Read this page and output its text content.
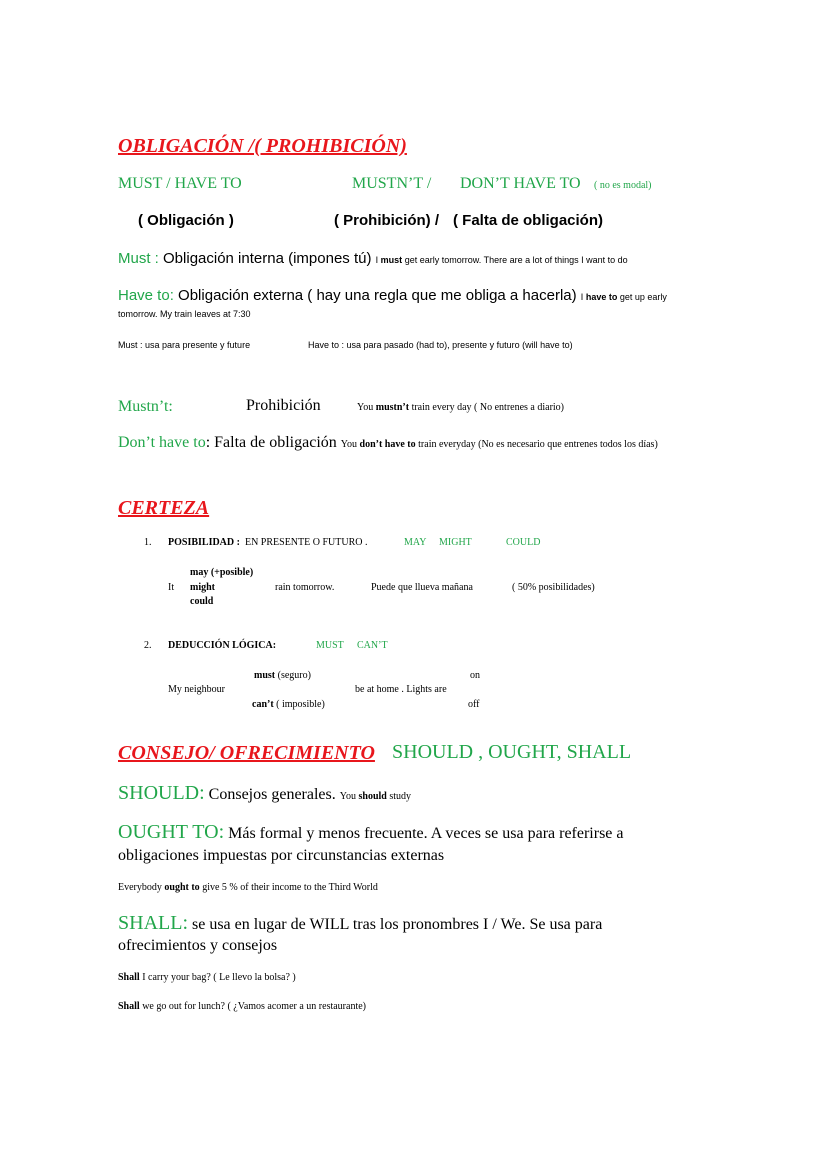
OBLIGACIÓN /( PROHIBICIÓN)
MUST / HAVE TO	MUSTN’T / DON’T HAVE TO ( no es modal)
( Obligación )	( Prohibición) / ( Falta de obligación)
Must : Obligación interna (impones tú) I must get early tomorrow. There are a lot of things I want to do
Have to: Obligación externa ( hay una regla que me obliga a hacerla) I have to get up early
tomorrow. My train leaves at 7:30
Must : usa para presente y future	Have to : usa para pasado (had to), presente y futuro (will have to)
Mustn’t:	Prohibición	You mustn’t train every day ( No entrenes a diario)
Don’t have to: Falta de obligación You don’t have to train everyday (No es necesario que entrenes todos los días)
CERTEZA
1. POSIBILIDAD : EN PRESENTE O FUTURO .	MAY MIGHT	COULD
may (+posible)
It might	rain tomorrow.	Puede que llueva mañana	( 50% posibilidades)
could
2. DEDUCCIÓN LÓGICA:	MUST CAN’T
must (seguro)	on
My neighbour	be at home . Lights are
can’t ( imposible)	off
CONSEJO/ OFRECIMIENTO SHOULD , OUGHT, SHALL
SHOULD: Consejos generales. You should study
OUGHT TO: Más formal y menos frecuente. A veces se usa para referirse a
obligaciones impuestas por circunstancias externas
Everybody ought to give 5 % of their income to the Third World
SHALL: se usa en lugar de WILL tras los pronombres I / We. Se usa para
ofrecimientos y consejos
Shall I carry your bag? ( Le llevo la bolsa? )
Shall we go out for lunch? ( ¿Vamos acomer a un restaurante)
